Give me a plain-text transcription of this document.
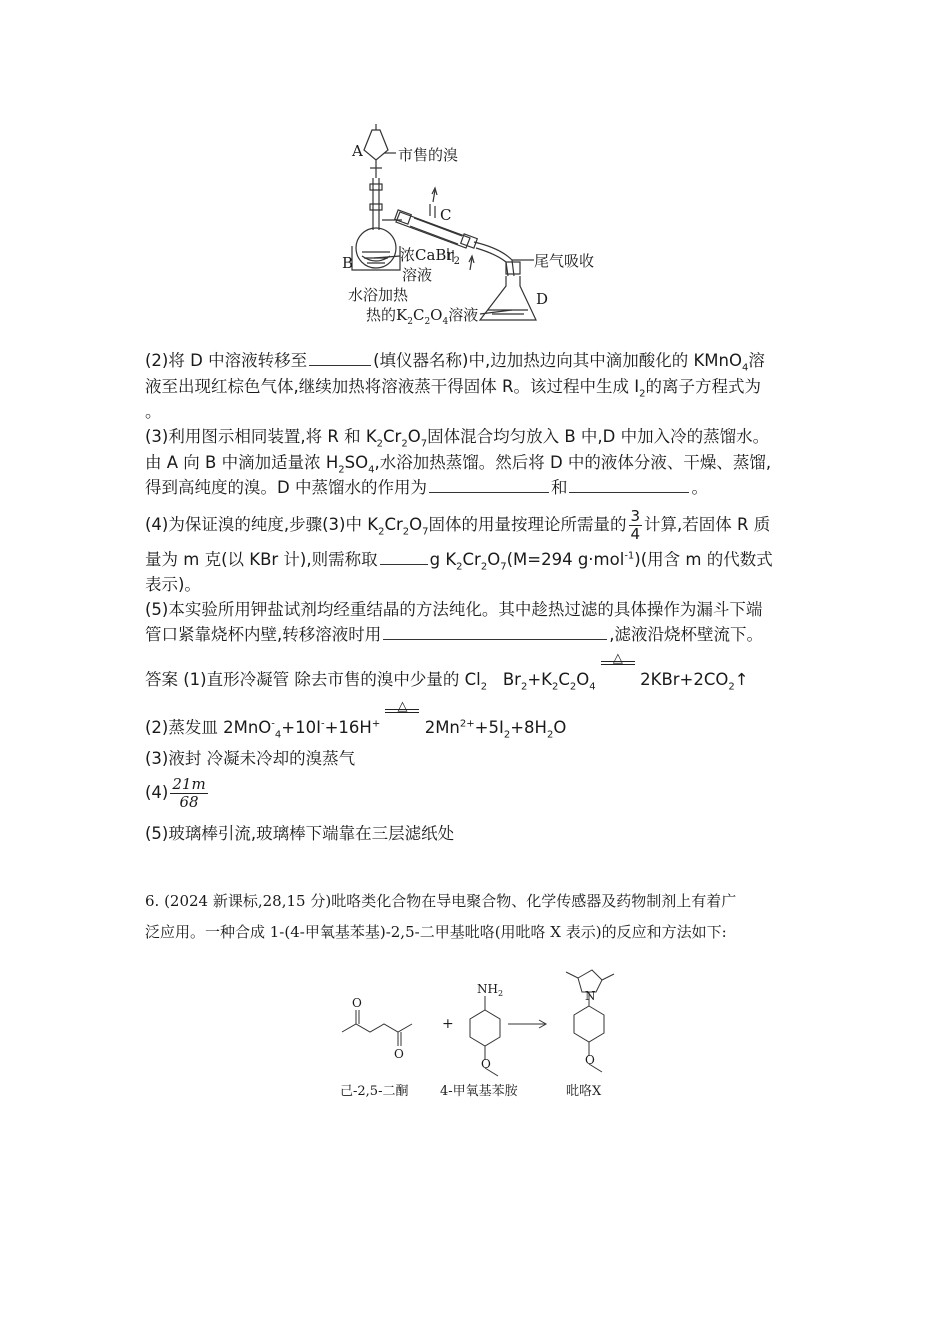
A 市售的溴
C
B	浓CaBr$_2$
溶液
尾气吸收
D
水浴加热
热的$K_2C_2O_4$溶液
(2)将 D 中溶液转移至	(填仪器名称)中,边加热边向其中滴加酸化的 KMnO$_4$溶
液至出现红棕色气体,继续加热将溶液蒸干得固体 R。该过程中生成 $I_2$的离子方程式为
。
(3)利用图示相同装置,将 R 和 $K_2Cr_2O_7$固体混合均匀放入 B 中,D 中加入冷的蒸馏水。
由 A 向 B 中滴加适量浓 $H_2SO_4$,水浴加热蒸馏。然后将 D 中的液体分液、干燥、蒸馏,
得到高纯度的溴。D 中蒸馏水的作用为	和	。
(4)为保证溴的纯度,步骤(3)中 $K_2Cr_2O_7$固体的用量按理论所需量的 $\frac{3}{4}$ 计算,若固体 R 质
量为 m 克(以 KBr 计),则需称取	g $K_2Cr_2O_7(M=294$ g·mol$^{-1}$)(用含 m 的代数式
表示)。
(5)本实验所用钾盐试剂均经重结晶的方法纯化。其中趁热过滤的具体操作为漏斗下端
管口紧靠烧杯内壁,转移溶液时用	,滤液沿烧杯壁流下。
答案 (1)直形冷凝管 除去市售的溴中少量的 $Cl_2$ $Br_2+K_2C_2O_4$
△
$2KBr+2CO_2↑$
(2)蒸发皿 2MnO-$_4$+10I-+16H+
△
$2Mn^{2+}+5I_2+8H_2O$
(3)液封 冷凝未冷却的溴蒸气
$(4) \frac{21m}{68}$
(5)玻璃棒引流,玻璃棒下端靠在三层滤纸处
6. (2024 新课标,28,15 分)吡咯类化合物在导电聚合物、化学传感器及药物制剂上有着广
泛应用。一种合成 1-(4-甲氧基苯基)-2,5-二甲基吡咯(用吡咯 X 表示)的反应和方法如下:
O
O
$NH_2$
O
N
O
+
己-2,5-二酮 4-甲氧基苯胺	吡咯X
